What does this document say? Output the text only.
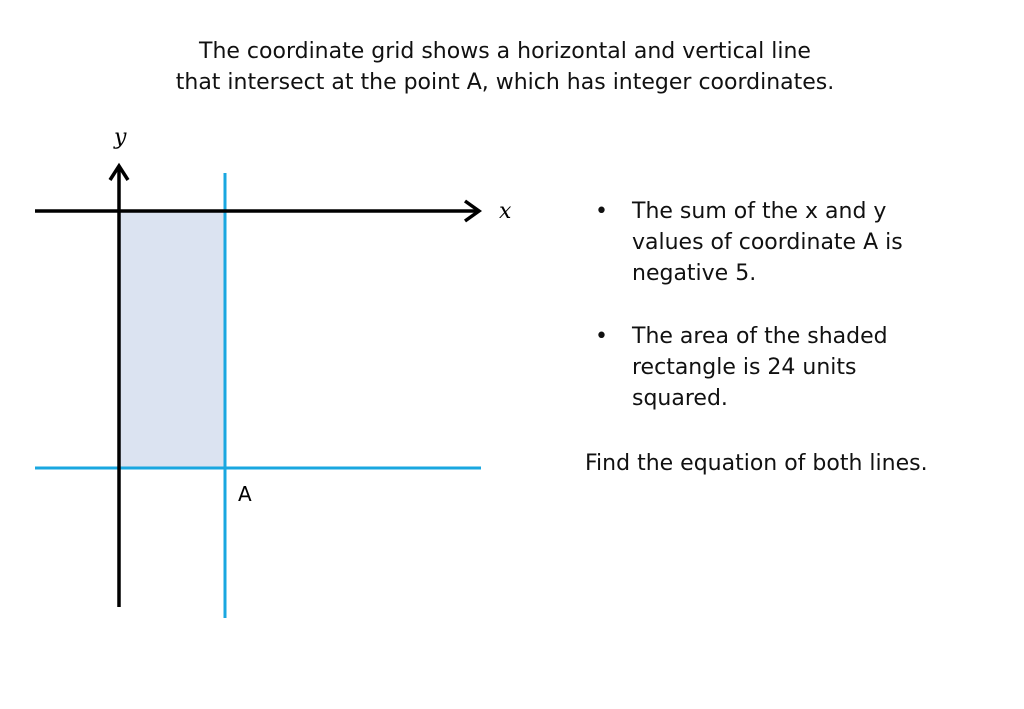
The coordinate grid shows a horizontal and vertical line
that intersect at the point A, which has integer coordinates.
x
y
A
• The sum of the x and y values of coordinate A is negative 5.
• The area of the shaded rectangle is 24 units squared.
Find the equation of both lines.
